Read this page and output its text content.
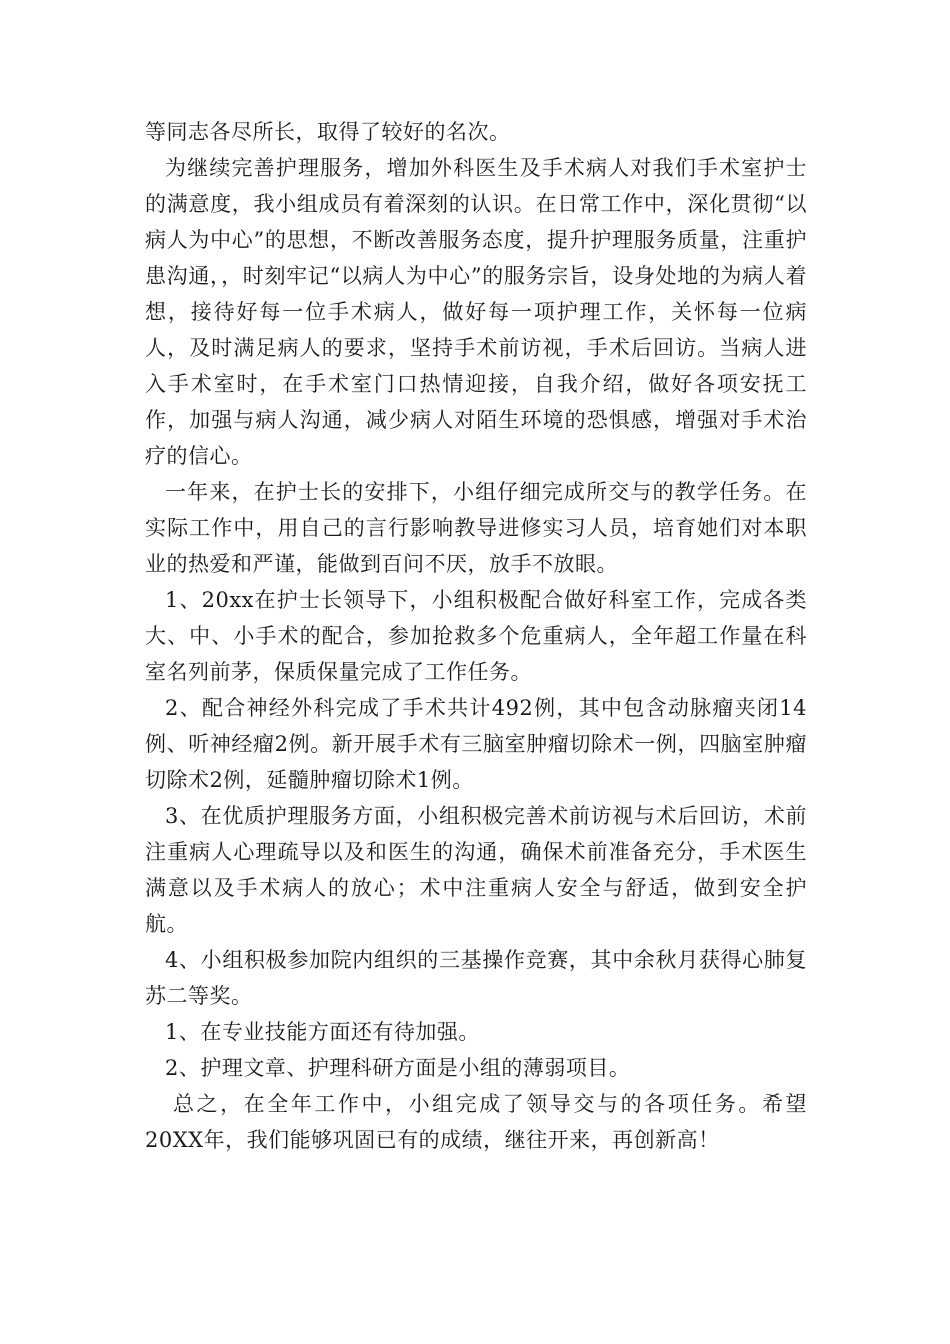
等同志各尽所长，取得了较好的名次。

为继续完善护理服务，增加外科医生及手术病人对我们手术室护士的满意度，我小组成员有着深刻的认识。在日常工作中，深化贯彻“以病人为中心”的思想，不断改善服务态度，提升护理服务质量，注重护患沟通，，时刻牢记“以病人为中心”的服务宗旨，设身处地的为病人着想，接待好每一位手术病人，做好每一项护理工作，关怀每一位病人，及时满足病人的要求，坚持手术前访视，手术后回访。当病人进入手术室时，在手术室门口热情迎接，自我介绍，做好各项安抚工作，加强与病人沟通，减少病人对陌生环境的恐惧感，增强对手术治疗的信心。

一年来，在护士长的安排下，小组仔细完成所交与的教学任务。在实际工作中，用自己的言行影响教导进修实习人员，培育她们对本职业的热爱和严谨，能做到百问不厌，放手不放眼。

1、20xx在护士长领导下，小组积极配合做好科室工作，完成各类大、中、小手术的配合，参加抢救多个危重病人，全年超工作量在科室名列前茅，保质保量完成了工作任务。

2、配合神经外科完成了手术共计492例，其中包含动脉瘤夹闭14例、听神经瘤2例。新开展手术有三脑室肿瘤切除术一例，四脑室肿瘤切除术2例，延髓肿瘤切除术1例。

3、在优质护理服务方面，小组积极完善术前访视与术后回访，术前注重病人心理疏导以及和医生的沟通，确保术前准备充分，手术医生满意以及手术病人的放心；术中注重病人安全与舒适，做到安全护航。

4、小组积极参加院内组织的三基操作竞赛，其中余秋月获得心肺复苏二等奖。

1、在专业技能方面还有待加强。

2、护理文章、护理科研方面是小组的薄弱项目。

总之，在全年工作中，小组完成了领导交与的各项任务。希望20XX年，我们能够巩固已有的成绩，继往开来，再创新高！
